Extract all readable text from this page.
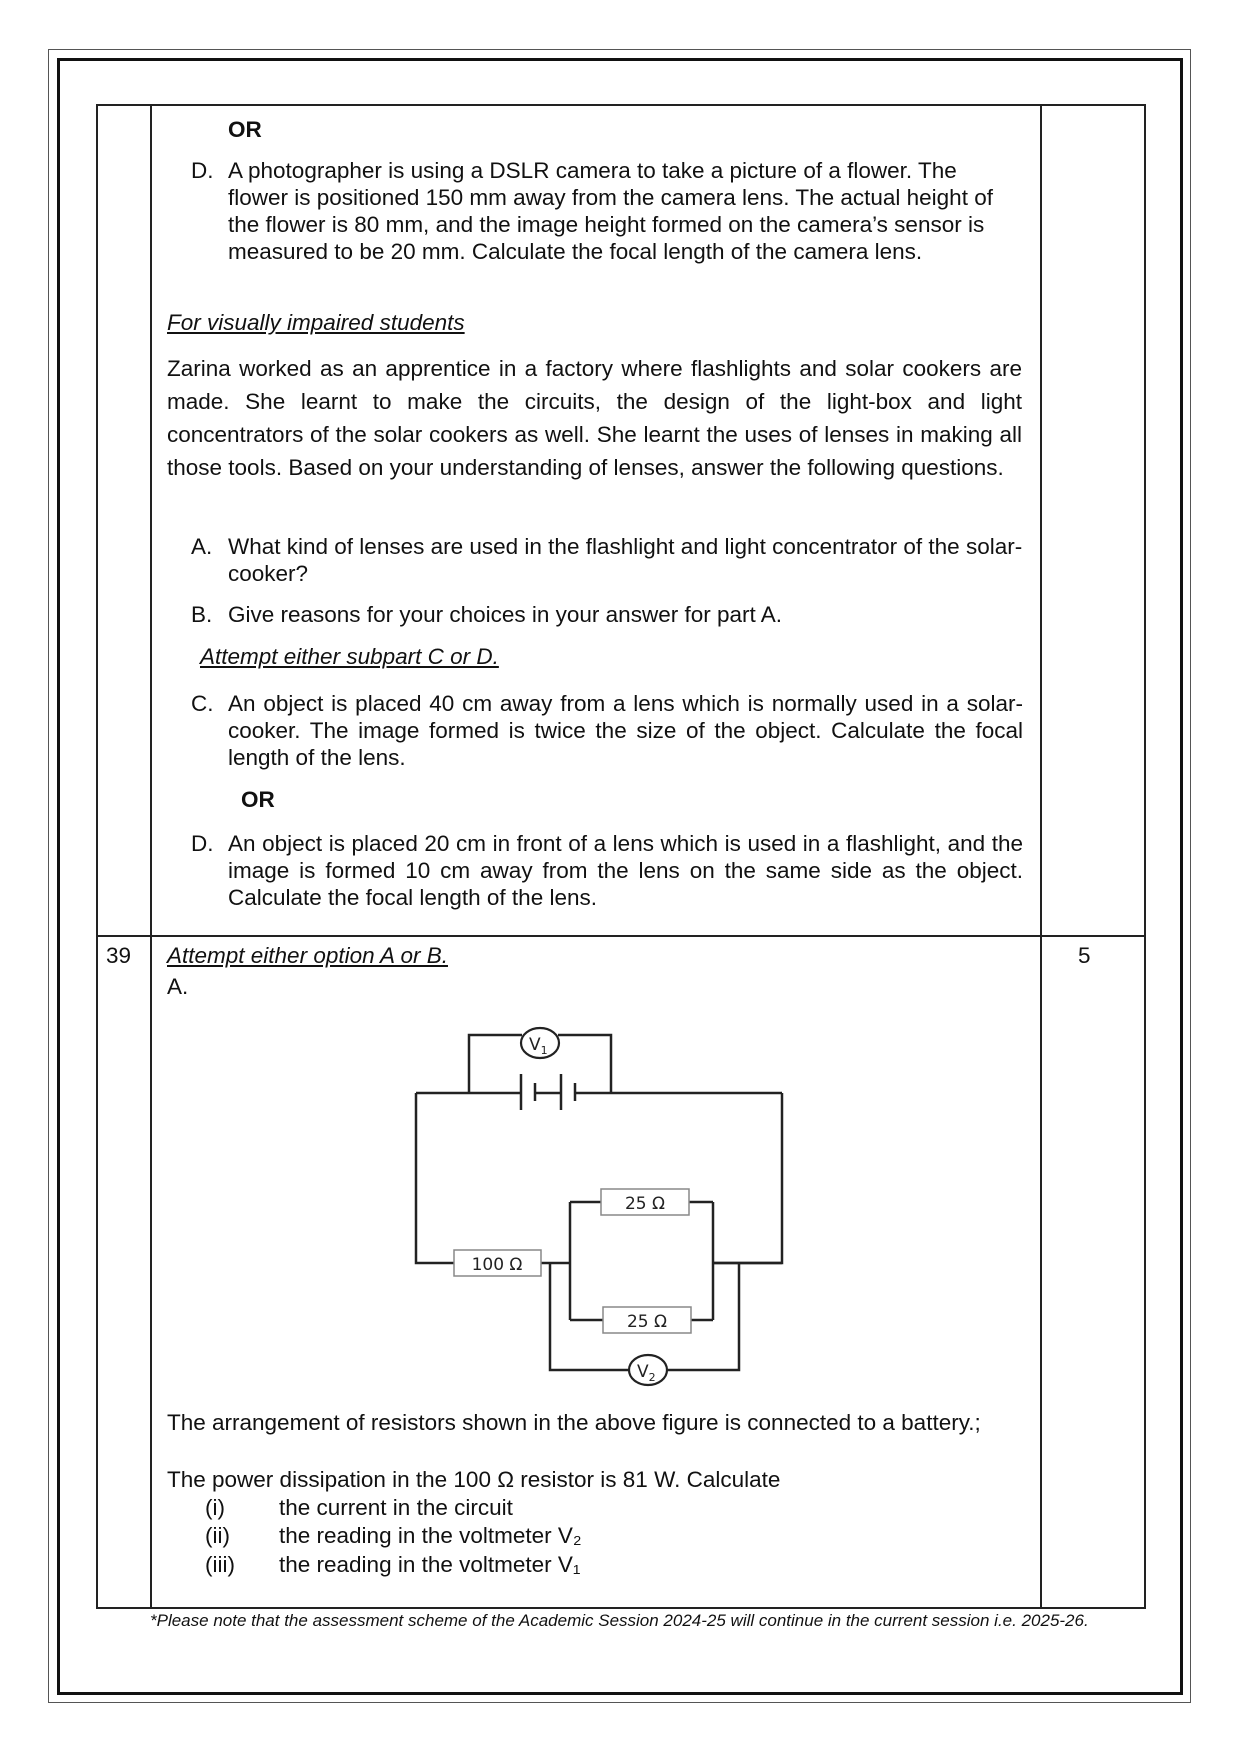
OR
D. A photographer is using a DSLR camera to take a picture of a flower. The flower is positioned 150 mm away from the camera lens. The actual height of the flower is 80 mm, and the image height formed on the camera’s sensor is measured to be 20 mm. Calculate the focal length of the camera lens.
For visually impaired students
Zarina worked as an apprentice in a factory where flashlights and solar cookers are made. She learnt to make the circuits, the design of the light-box and light concentrators of the solar cookers as well. She learnt the uses of lenses in making all those tools. Based on your understanding of lenses, answer the following questions.
A. What kind of lenses are used in the flashlight and light concentrator of the solar-cooker?
B. Give reasons for your choices in your answer for part A.
Attempt either subpart C or D.
C. An object is placed 40 cm away from a lens which is normally used in a solar-cooker. The image formed is twice the size of the object. Calculate the focal length of the lens.
OR
D. An object is placed 20 cm in front of a lens which is used in a flashlight, and the image is formed 10 cm away from the lens on the same side as the object. Calculate the focal length of the lens.
39	5
Attempt either option A or B.
A.
$V_1$
$V_2$
100 Ω
25 Ω
25 Ω
The arrangement of resistors shown in the above figure is connected to a battery.;
The power dissipation in the 100 Ω resistor is 81 W. Calculate
(i) the current in the circuit
(ii) the reading in the voltmeter V₂
(iii) the reading in the voltmeter V₁
*Please note that the assessment scheme of the Academic Session 2024-25 will continue in the current session i.e. 2025-26.
